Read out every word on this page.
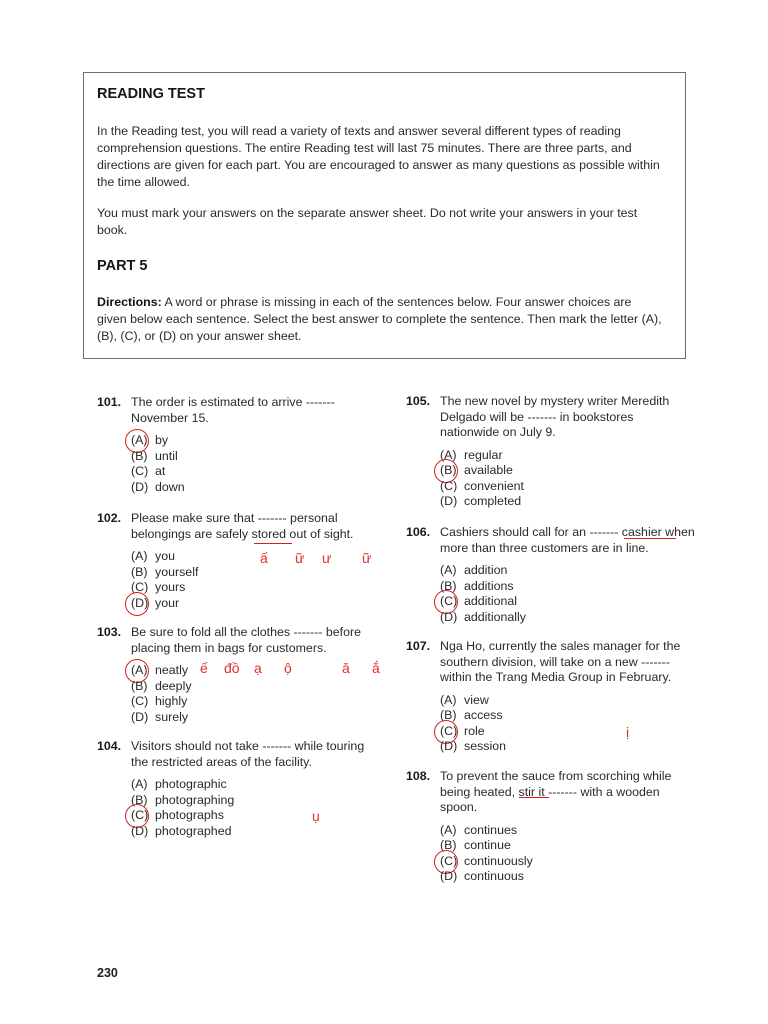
READING TEST
In the Reading test, you will read a variety of texts and answer several different types of reading comprehension questions. The entire Reading test will last 75 minutes. There are three parts, and directions are given for each part. You are encouraged to answer as many questions as possible within the time allowed.
You must mark your answers on the separate answer sheet. Do not write your answers in your test book.
PART 5
Directions: A word or phrase is missing in each of the sentences below. Four answer choices are given below each sentence. Select the best answer to complete the sentence. Then mark the letter (A), (B), (C), or (D) on your answer sheet.
101. The order is estimated to arrive ------- November 15.
(A) by
(B) until
(C) at
(D) down
102. Please make sure that ------- personal belongings are safely stored out of sight.
(A) you
(B) yourself
(C) yours
(D) your
103. Be sure to fold all the clothes ------- before placing them in bags for customers.
(A) neatly
(B) deeply
(C) highly
(D) surely
104. Visitors should not take ------- while touring the restricted areas of the facility.
(A) photographic
(B) photographing
(C) photographs
(D) photographed
105. The new novel by mystery writer Meredith Delgado will be ------- in bookstores nationwide on July 9.
(A) regular
(B) available
(C) convenient
(D) completed
106. Cashiers should call for an ------- cashier when more than three customers are in line.
(A) addition
(B) additions
(C) additional
(D) additionally
107. Nga Ho, currently the sales manager for the southern division, will take on a new ------- within the Trang Media Group in February.
(A) view
(B) access
(C) role
(D) session
108. To prevent the sauce from scorching while being heated, stir it ------- with a wooden spoon.
(A) continues
(B) continue
(C) continuously
(D) continuous
ấ ữ ư ữ
ế đồ ạ ộ	ă ắ
ụ
ị
230
